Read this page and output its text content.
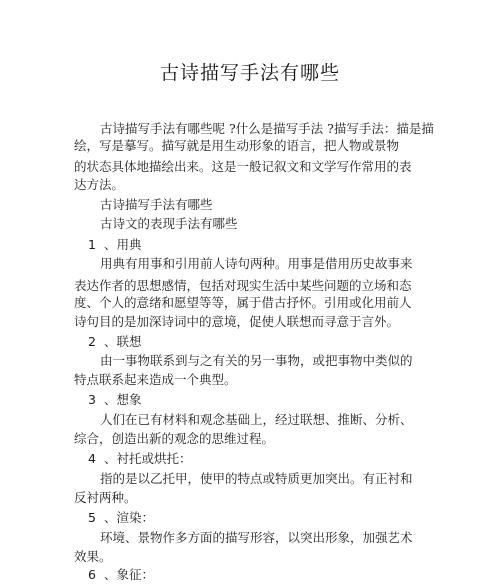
古诗描写手法有哪些
古诗描写手法有哪些呢 ?什么是描写手法 ?描写手法：描是描
绘，写是摹写。描写就是用生动形象的语言，把人物或景物
的状态具体地描绘出来。这是一般记叙文和文学写作常用的表
达方法。
古诗描写手法有哪些
古诗文的表现手法有哪些
1 、用典
用典有用事和引用前人诗句两种。用事是借用历史故事来
表达作者的思想感情，包括对现实生活中某些问题的立场和态
度、个人的意绪和愿望等等，属于借古抒怀。引用或化用前人
诗句目的是加深诗词中的意境，促使人联想而寻意于言外。
2 、联想
由一事物联系到与之有关的另一事物，或把事物中类似的
特点联系起来造成一个典型。
3 、想象
人们在已有材料和观念基础上，经过联想、推断、分析、
综合，创造出新的观念的思维过程。
4 、衬托或烘托：
指的是以乙托甲，使甲的特点或特质更加突出。有正衬和
反衬两种。
5 、渲染：
环境、景物作多方面的描写形容，以突出形象，加强艺术
效果。
6 、象征：
